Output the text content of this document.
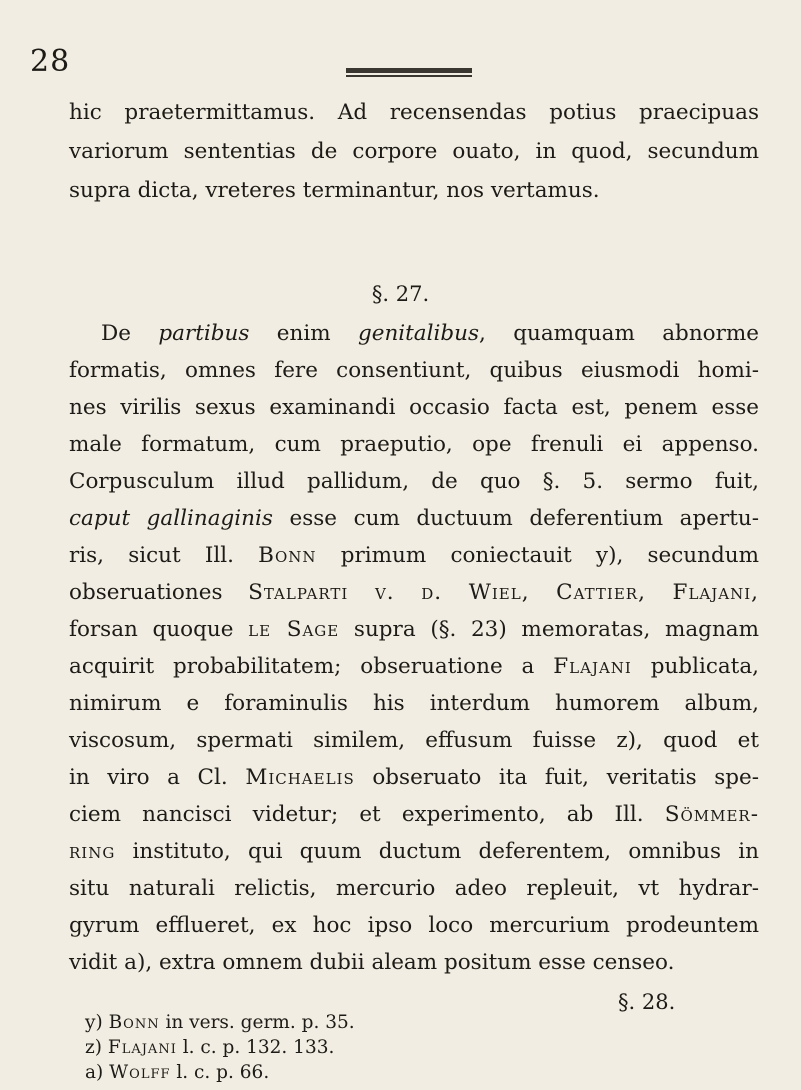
28
hic praetermittamus. Ad recensendas potius praecipuas
variorum sententias de corpore ouato, in quod, secundum
supra dicta, vreteres terminantur, nos vertamus.
§. 27.
De partibus enim genitalibus, quamquam abnorme
formatis, omnes fere consentiunt, quibus eiusmodi homi-
nes virilis sexus examinandi occasio facta est, penem esse
male formatum, cum praeputio, ope frenuli ei appenso.
Corpusculum illud pallidum, de quo §. 5. sermo fuit,
caput gallinaginis esse cum ductuum deferentium apertu-
ris, sicut Ill. Bonn primum coniectauit y), secundum
obseruationes Stalparti v. d. Wiel, Cattier, Flajani,
forsan quoque le Sage supra (§. 23) memoratas, magnam
acquirit probabilitatem; obseruatione a Flajani publicata,
nimirum e foraminulis his interdum humorem album,
viscosum, spermati similem, effusum fuisse z), quod et
in viro a Cl. Michaelis obseruato ita fuit, veritatis spe-
ciem nancisci videtur; et experimento, ab Ill. Sömmer-
ring instituto, qui quum ductum deferentem, omnibus in
situ naturali relictis, mercurio adeo repleuit, vt hydrar-
gyrum efflueret, ex hoc ipso loco mercurium prodeuntem
vidit a), extra omnem dubii aleam positum esse censeo.
§. 28.
y) Bonn in vers. germ. p. 35.
z) Flajani l. c. p. 132. 133.
a) Wolff l. c. p. 66.
